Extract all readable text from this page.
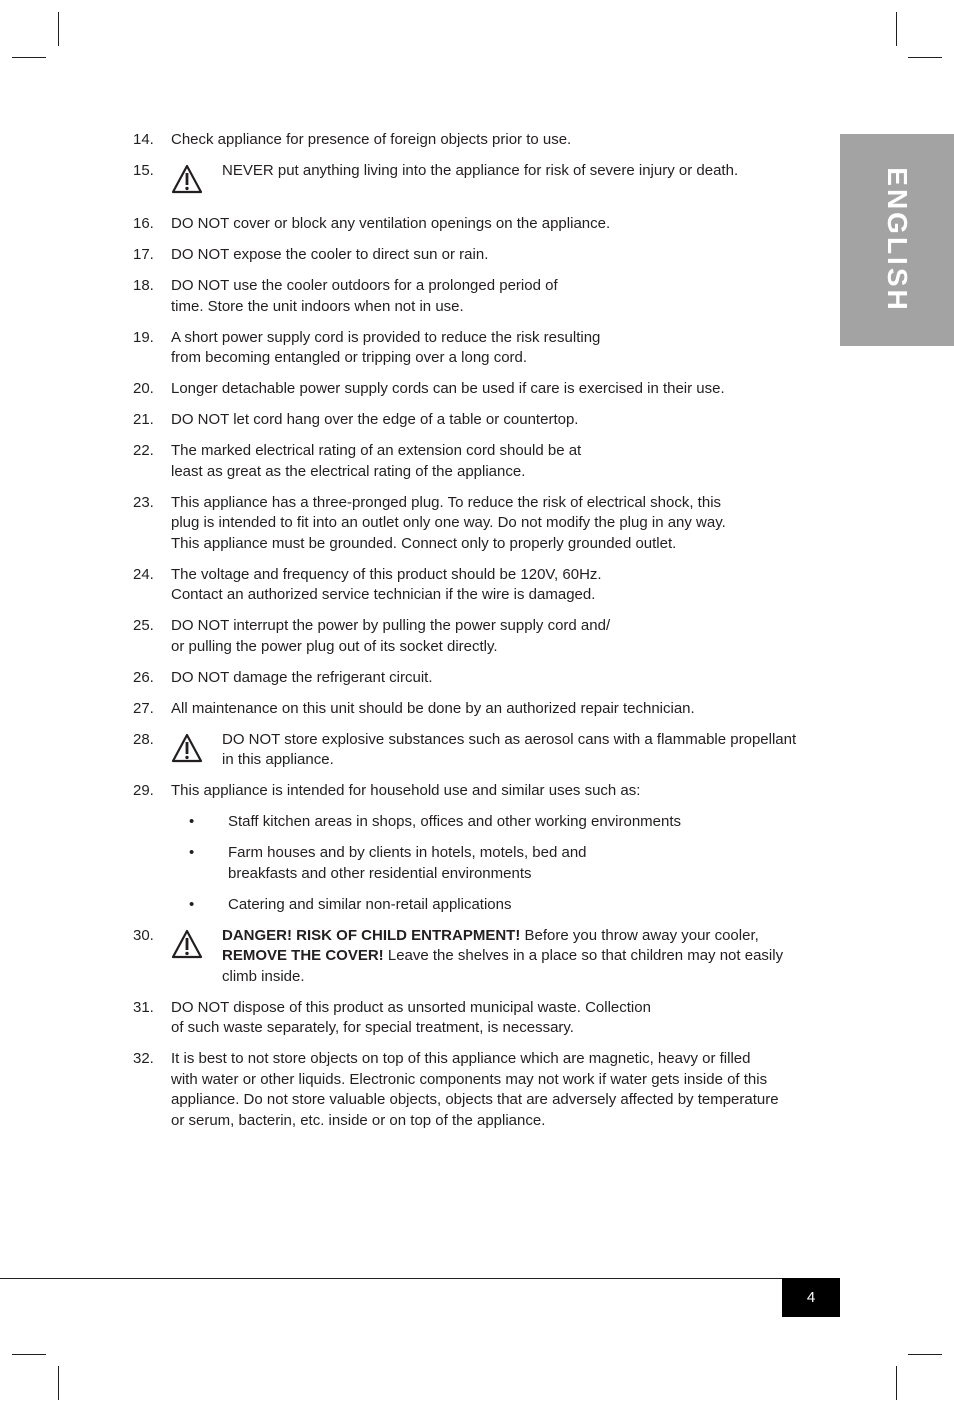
ENGLISH
14.	Check appliance for presence of foreign objects prior to use.
15.	NEVER put anything living into the appliance for risk of severe injury or death.
16.	DO NOT cover or block any ventilation openings on the appliance.
17.	DO NOT expose the cooler to direct sun or rain.
18.	DO NOT use the cooler outdoors for a prolonged period of
time. Store the unit indoors when not in use.
19.	A short power supply cord is provided to reduce the risk resulting
from becoming entangled or tripping over a long cord.
20.	Longer detachable power supply cords can be used if care is exercised in their use.
21.	DO NOT let cord hang over the edge of a table or countertop.
22.	The marked electrical rating of an extension cord should be at
least as great as the electrical rating of the appliance.
23.	This appliance has a three-pronged plug. To reduce the risk of electrical shock, this
plug is intended to fit into an outlet only one way. Do not modify the plug in any way.
This appliance must be grounded. Connect only to properly grounded outlet.
24.	The voltage and frequency of this product should be 120V, 60Hz.
Contact an authorized service technician if the wire is damaged.
25.	DO NOT interrupt the power by pulling the power supply cord and/
or pulling the power plug out of its socket directly.
26.	DO NOT damage the refrigerant circuit.
27.	All maintenance on this unit should be done by an authorized repair technician.
28.	DO NOT store explosive substances such as aerosol cans with a flammable propellant
in this appliance.
29.	This appliance is intended for household use and similar uses such as:
•	Staff kitchen areas in shops, offices and other working environments
•	Farm houses and by clients in hotels, motels, bed and
breakfasts and other residential environments
•	Catering and similar non-retail applications
30.	DANGER! RISK OF CHILD ENTRAPMENT! Before you throw away your cooler,
REMOVE THE COVER! Leave the shelves in a place so that children may not easily
climb inside.
31.	DO NOT dispose of this product as unsorted municipal waste. Collection
of such waste separately, for special treatment, is necessary.
32.	It is best to not store objects on top of this appliance which are magnetic, heavy or filled
with water or other liquids. Electronic components may not work if water gets inside of this
appliance. Do not store valuable objects, objects that are adversely affected by temperature
or serum, bacterin, etc. inside or on top of the appliance.
4
